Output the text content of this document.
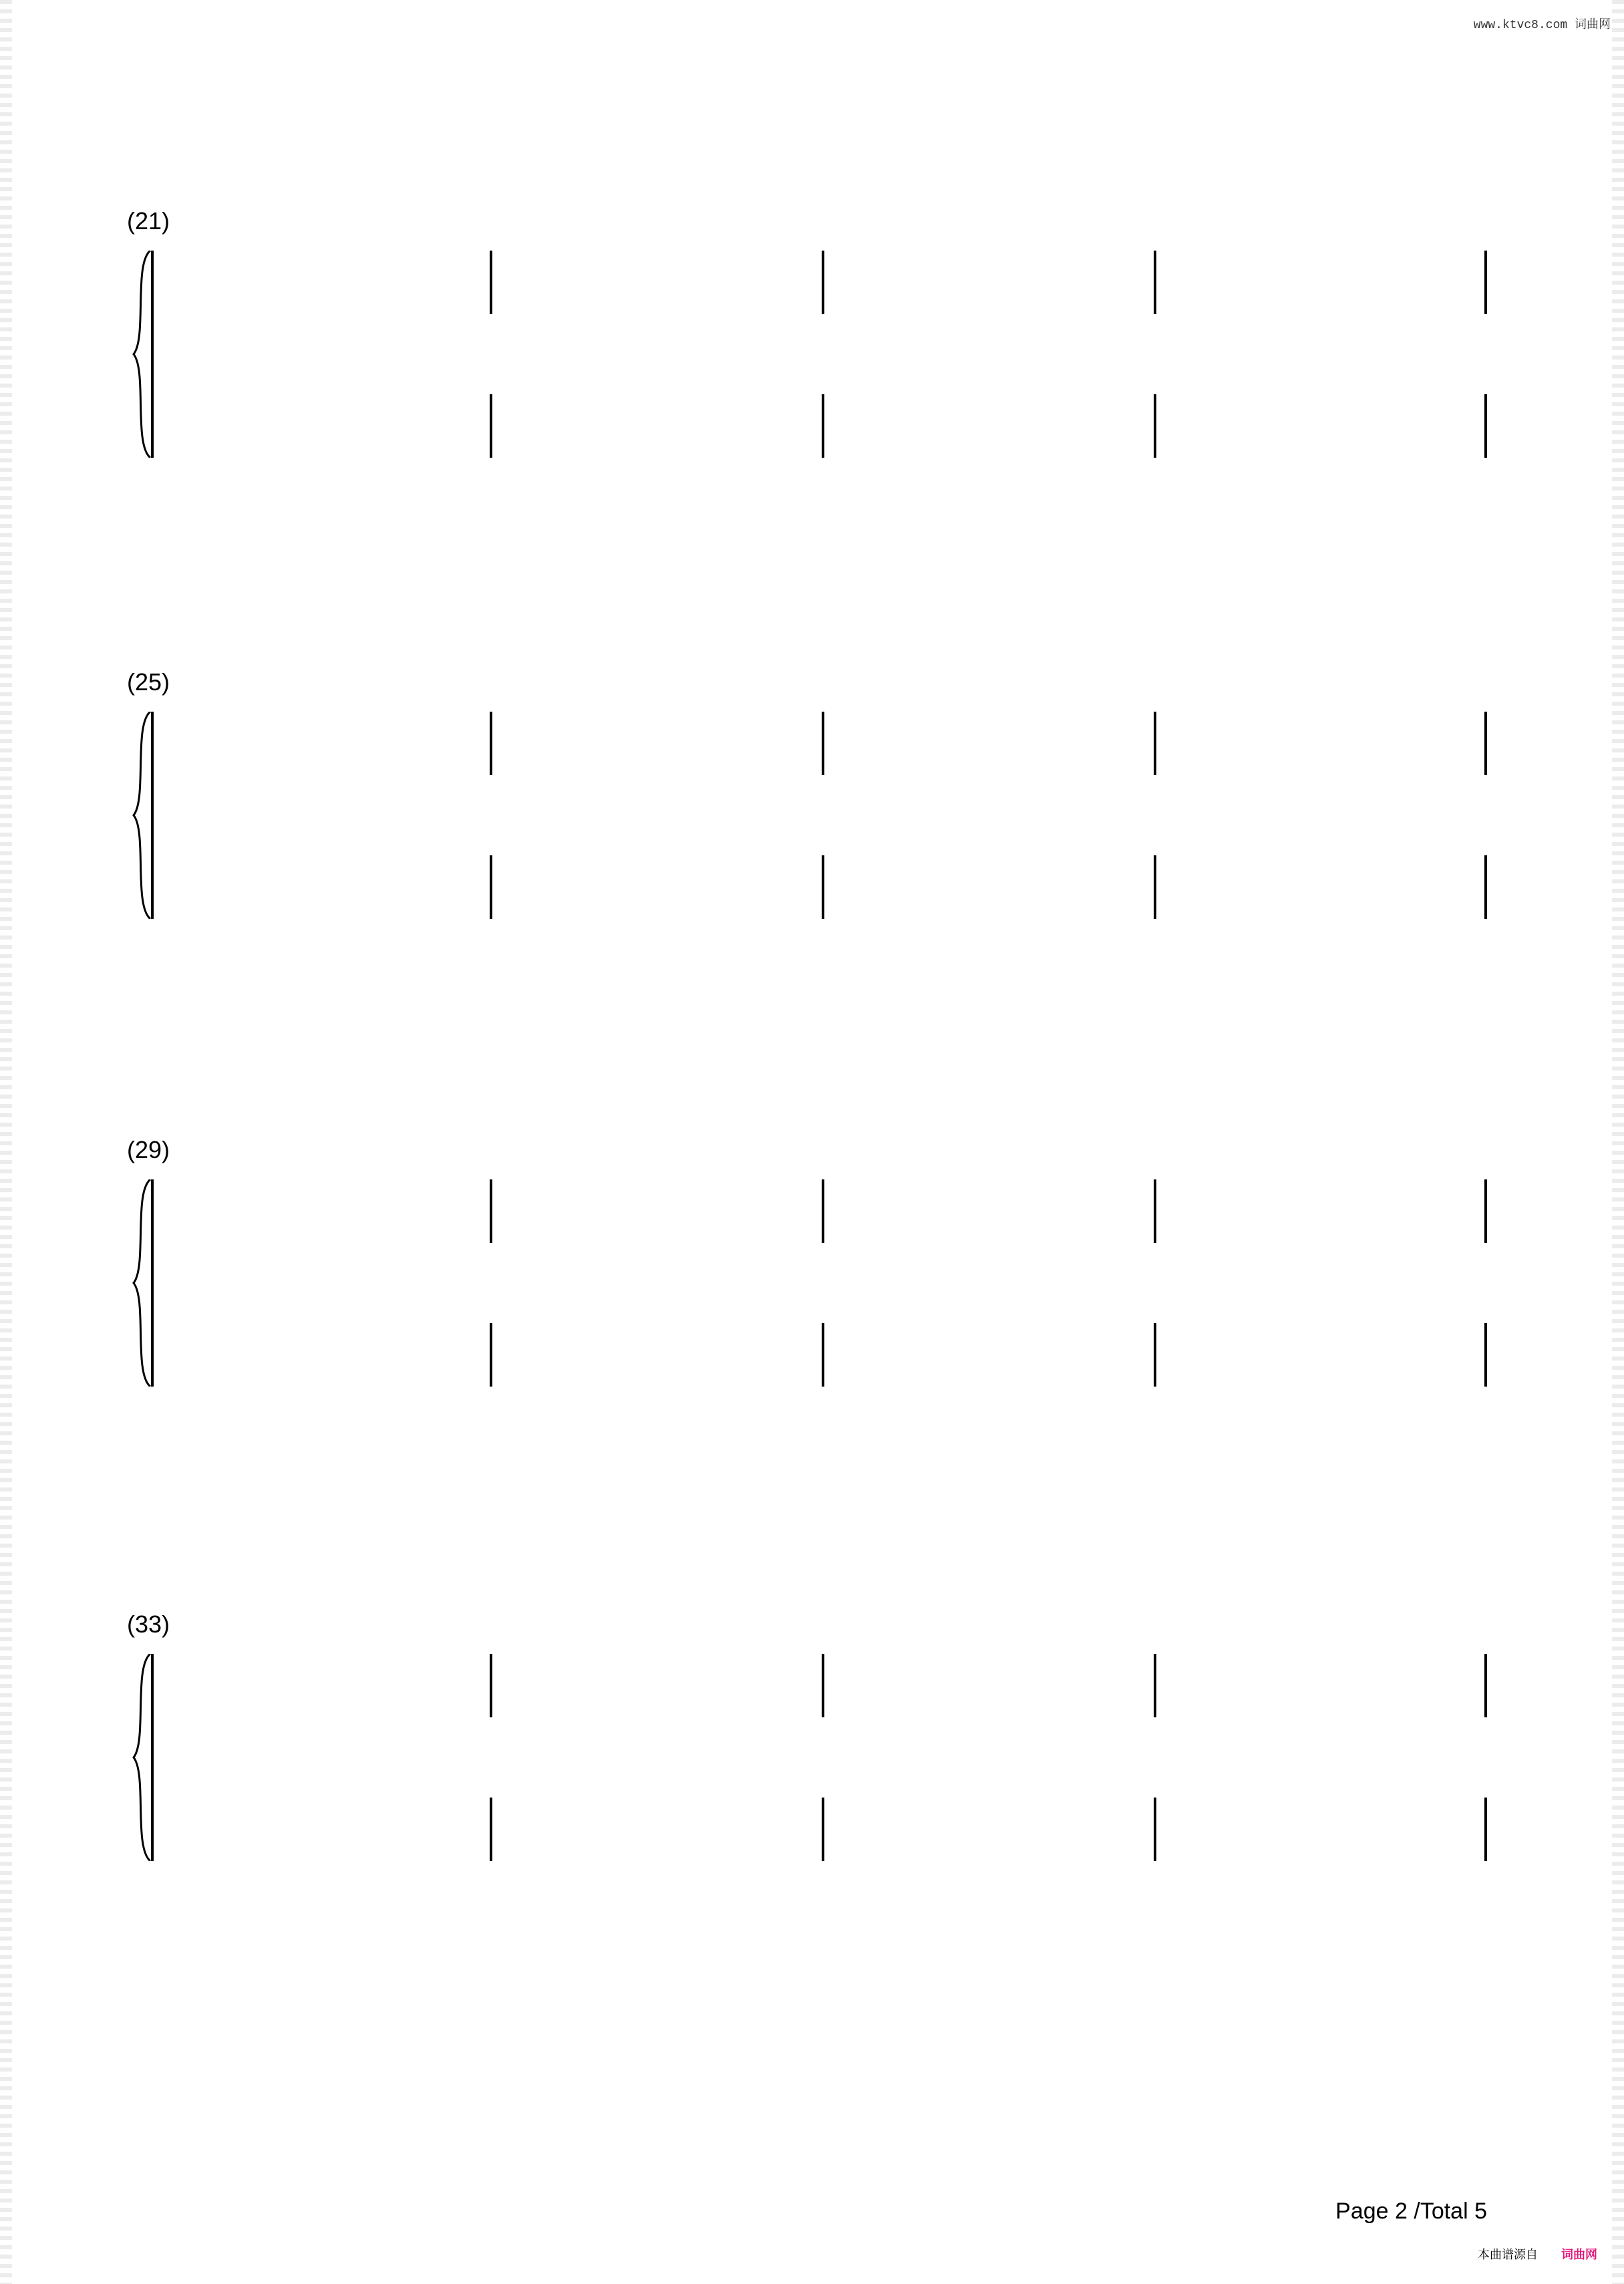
www.ktvc8.com 词曲网
(21)
(25)
(29)
(33)
Page 2 /Total 5
本曲谱源自 词曲网
